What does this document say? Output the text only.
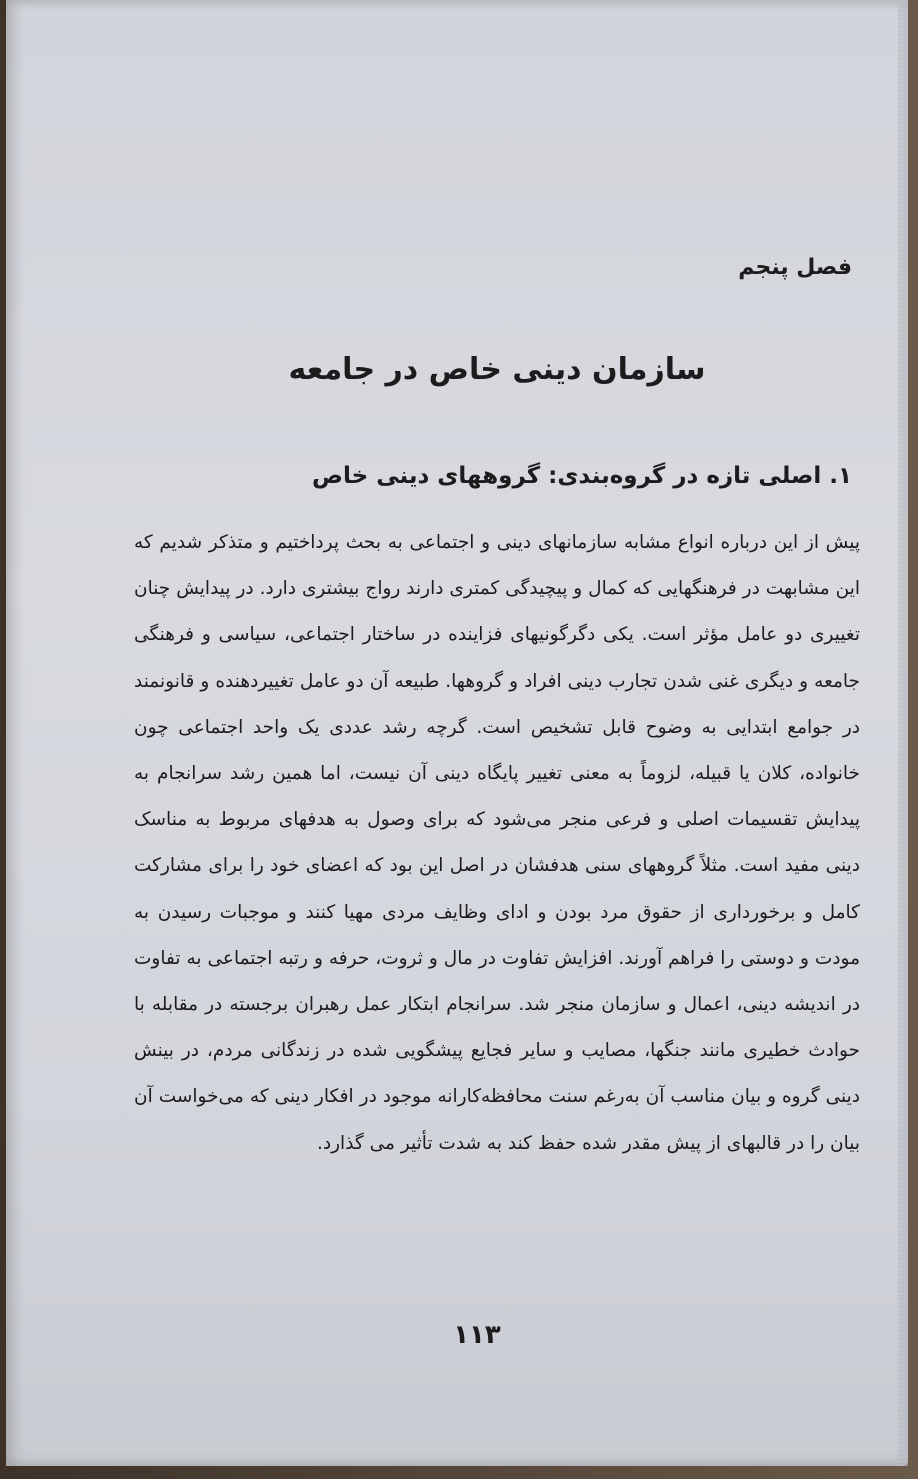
فصل پنجم
سازمان دینی خاص در جامعه
۱. اصلی تازه در گروه‌بندی: گروههای دینی خاص

پیش از این درباره انواع مشابه سازمانهای دینی و اجتماعی به بحث پرداختیم و متذکر شدیم که این مشابهت در فرهنگهایی که کمال و پیچیدگی کمتری دارند رواج بیشتری دارد. در پیدایش چنان تغییری دو عامل مؤثر است. یکی دگرگونیهای فزاینده در ساختار اجتماعی، سیاسی و فرهنگی جامعه و دیگری غنی شدن تجارب دینی افراد و گروهها. طبیعه آن دو عامل تغییردهنده و قانونمند در جوامع ابتدایی به وضوح قابل تشخیص است. گرچه رشد عددی یک واحد اجتماعی چون خانواده، کلان یا قبیله، لزوماً به معنی تغییر پایگاه دینی آن نیست، اما همین رشد سرانجام به پیدایش تقسیمات اصلی و فرعی منجر می‌شود که برای وصول به هدفهای مربوط به مناسک دینی مفید است. مثلاً گروههای سنی هدفشان در اصل این بود که اعضای خود را برای مشارکت کامل و برخورداری از حقوق مرد بودن و ادای وظایف مردی مهیا کنند و موجبات رسیدن به مودت و دوستی را فراهم آورند. افزایش تفاوت در مال و ثروت، حرفه و رتبه اجتماعی به تفاوت در اندیشه دینی، اعمال و سازمان منجر شد. سرانجام ابتکار عمل رهبران برجسته در مقابله با حوادث خطیری مانند جنگها، مصایب و سایر فجایع پیشگویی شده در زندگانی مردم، در بینش دینی گروه و بیان مناسب آن به‌رغم سنت محافظه‌کارانه موجود در افکار دینی که می‌خواست آن بیان را در قالبهای از پیش مقدر شده حفظ کند به شدت تأثیر می گذارد.

۱۱۳
